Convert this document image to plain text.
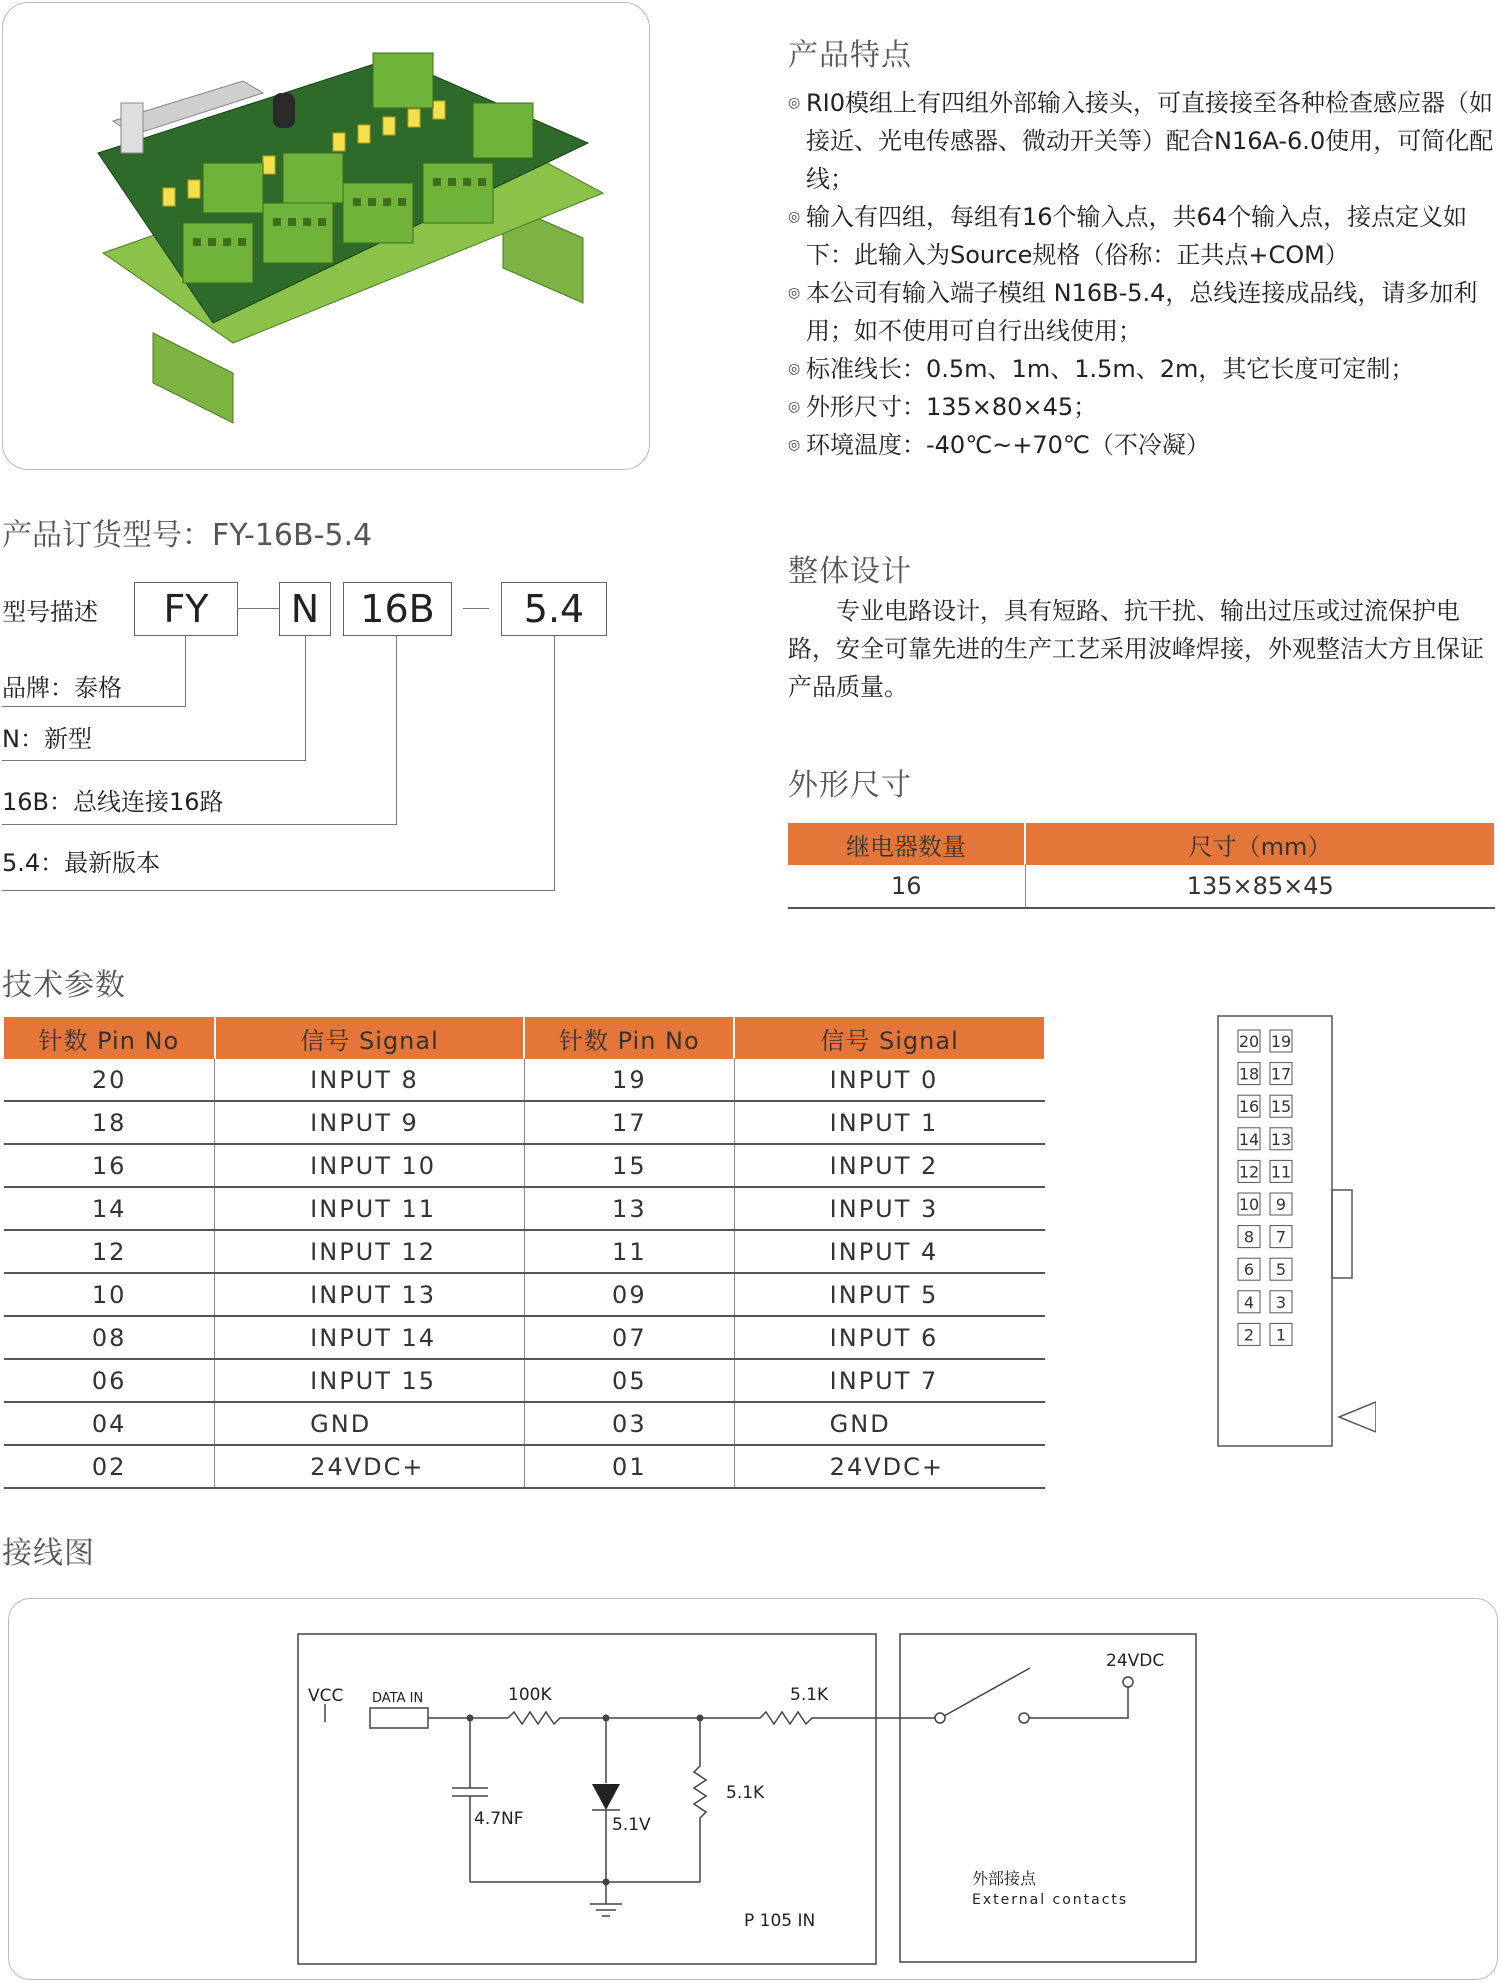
产品特点

◎ RI0模组上有四组外部输入接头，可直接接至各种检查感应器（如接近、光电传感器、微动开关等）配合N16A-6.0使用，可简化配线；

◎ 输入有四组，每组有16个输入点，共64个输入点，接点定义如下：此输入为Source规格（俗称：正共点+COM）

◎ 本公司有输入端子模组 N16B-5.4，总线连接成品线，请多加利用；如不使用可自行出线使用；

◎ 标准线长：0.5m、1m、1.5m、2m，其它长度可定制；

◎ 外形尺寸：135×80×45；

◎ 环境温度：-40℃~+70℃（不冷凝）

产品订货型号：FY-16B-5.4
型号描述	FY	N	16B	5.4
品牌：泰格
N：新型
16B：总线连接16路
5.4：最新版本
整体设计
专业电路设计，具有短路、抗干扰、输出过压或过流保护电路，安全可靠先进的生产工艺采用波峰焊接，外观整洁大方且保证产品质量。
外形尺寸
继电器数量	尺寸（mm）
16	135×85×45
技术参数
针数 Pin No	信号 Signal	针数 Pin No	信号 Signal
20	INPUT 8	19	INPUT 0
18	INPUT 9	17	INPUT 1
16	INPUT 10	15	INPUT 2
14	INPUT 11	13	INPUT 3
12	INPUT 12	11	INPUT 4
10	INPUT 13	09	INPUT 5
08	INPUT 14	07	INPUT 6
06	INPUT 15	05	INPUT 7
04	GND	03	GND
02	24VDC+	01	24VDC+
20 19
18 17
16 15
14 13
12 11
10 9
8 7
6 5
4 3
2 1
接线图
VCC DATA IN	100K	5.1K
5.1K
4.7NF	5.1V
P 105 IN
24VDC
外部接点
External contacts
